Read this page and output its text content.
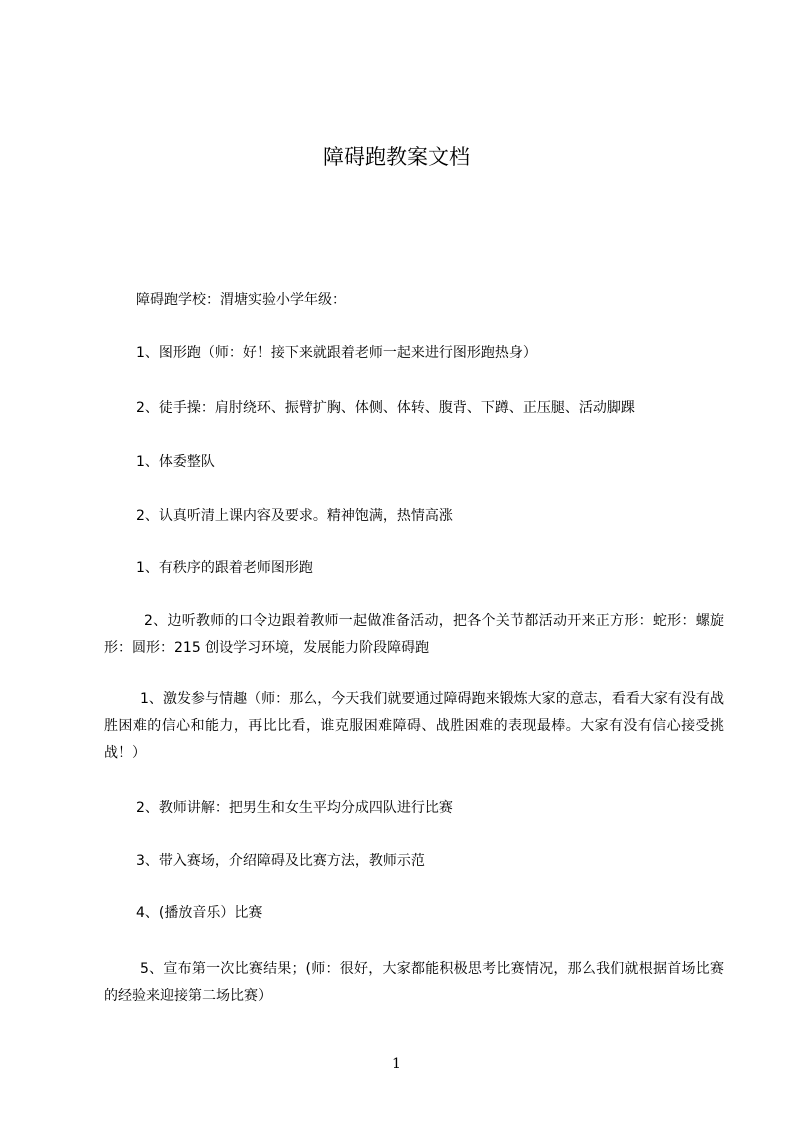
障碍跑教案文档
障碍跑学校：渭塘实验小学年级：
1、图形跑（师：好！接下来就跟着老师一起来进行图形跑热身）
2、徒手操：肩肘绕环、振臂扩胸、体侧、体转、腹背、下蹲、正压腿、活动脚踝
1、体委整队
2、认真听清上课内容及要求。精神饱满，热情高涨
1、有秩序的跟着老师图形跑
2、边听教师的口令边跟着教师一起做准备活动，把各个关节都活动开来正方形：蛇形：螺旋形：圆形：215 创设学习环境，发展能力阶段障碍跑
1、激发参与情趣（师：那么，今天我们就要通过障碍跑来锻炼大家的意志，看看大家有没有战胜困难的信心和能力，再比比看，谁克服困难障碍、战胜困难的表现最棒。大家有没有信心接受挑战！）
2、教师讲解：把男生和女生平均分成四队进行比赛
3、带入赛场，介绍障碍及比赛方法，教师示范
4、(播放音乐）比赛
5、宣布第一次比赛结果；(师：很好，大家都能积极思考比赛情况，那么我们就根据首场比赛的经验来迎接第二场比赛）
1
